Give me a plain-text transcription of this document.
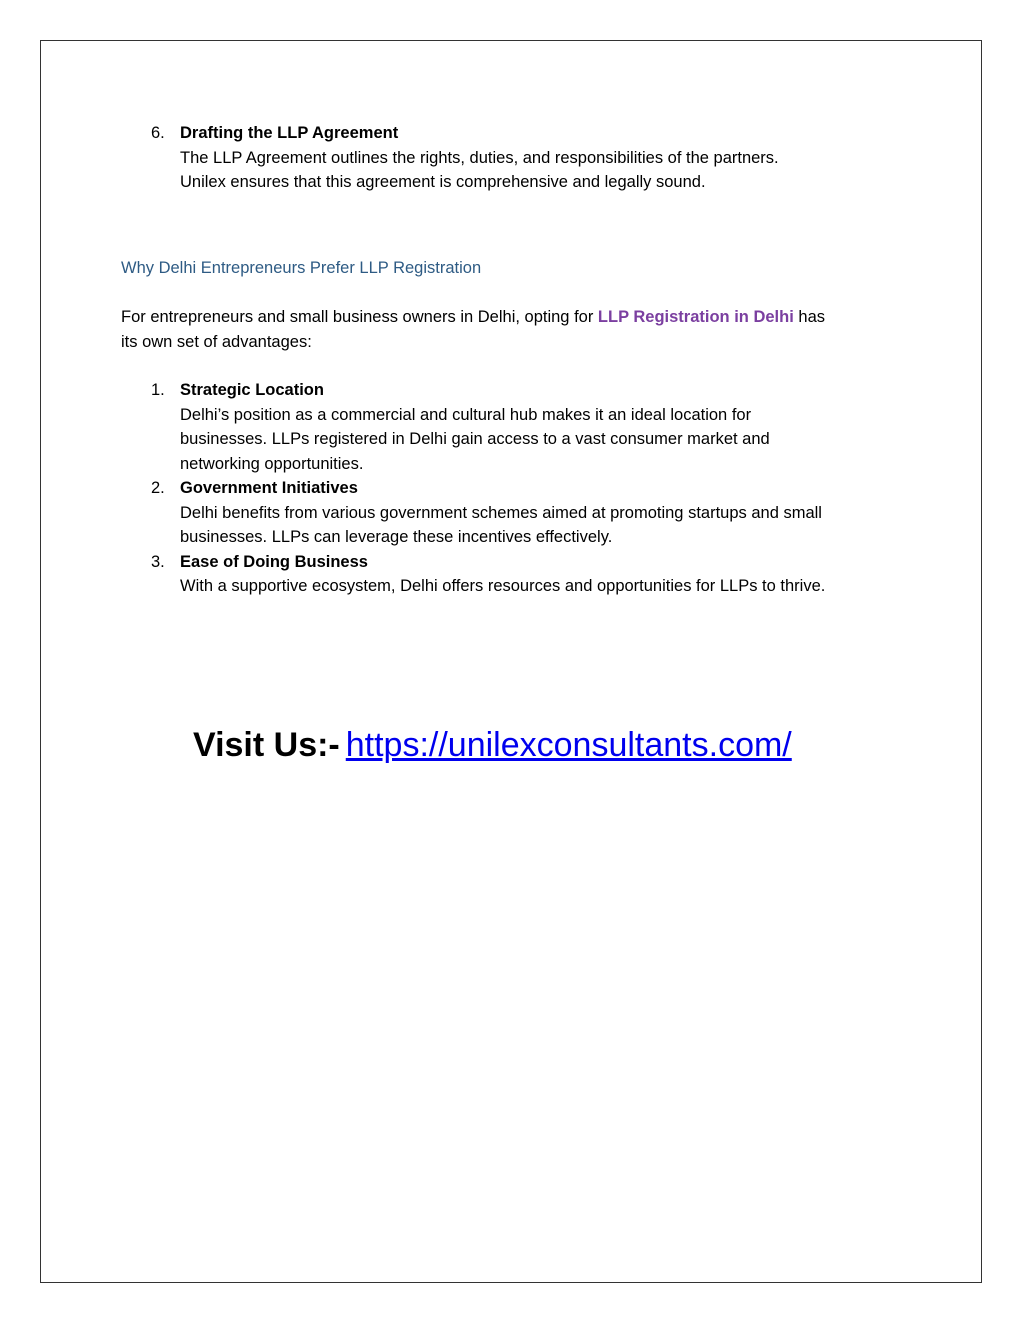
6. Drafting the LLP Agreement
The LLP Agreement outlines the rights, duties, and responsibilities of the partners.
Unilex ensures that this agreement is comprehensive and legally sound.
Why Delhi Entrepreneurs Prefer LLP Registration
For entrepreneurs and small business owners in Delhi, opting for LLP Registration in Delhi has
its own set of advantages:
1. Strategic Location
Delhi’s position as a commercial and cultural hub makes it an ideal location for
businesses. LLPs registered in Delhi gain access to a vast consumer market and
networking opportunities.
2. Government Initiatives
Delhi benefits from various government schemes aimed at promoting startups and small
businesses. LLPs can leverage these incentives effectively.
3. Ease of Doing Business
With a supportive ecosystem, Delhi offers resources and opportunities for LLPs to thrive.
Visit Us:- https://unilexconsultants.com/
